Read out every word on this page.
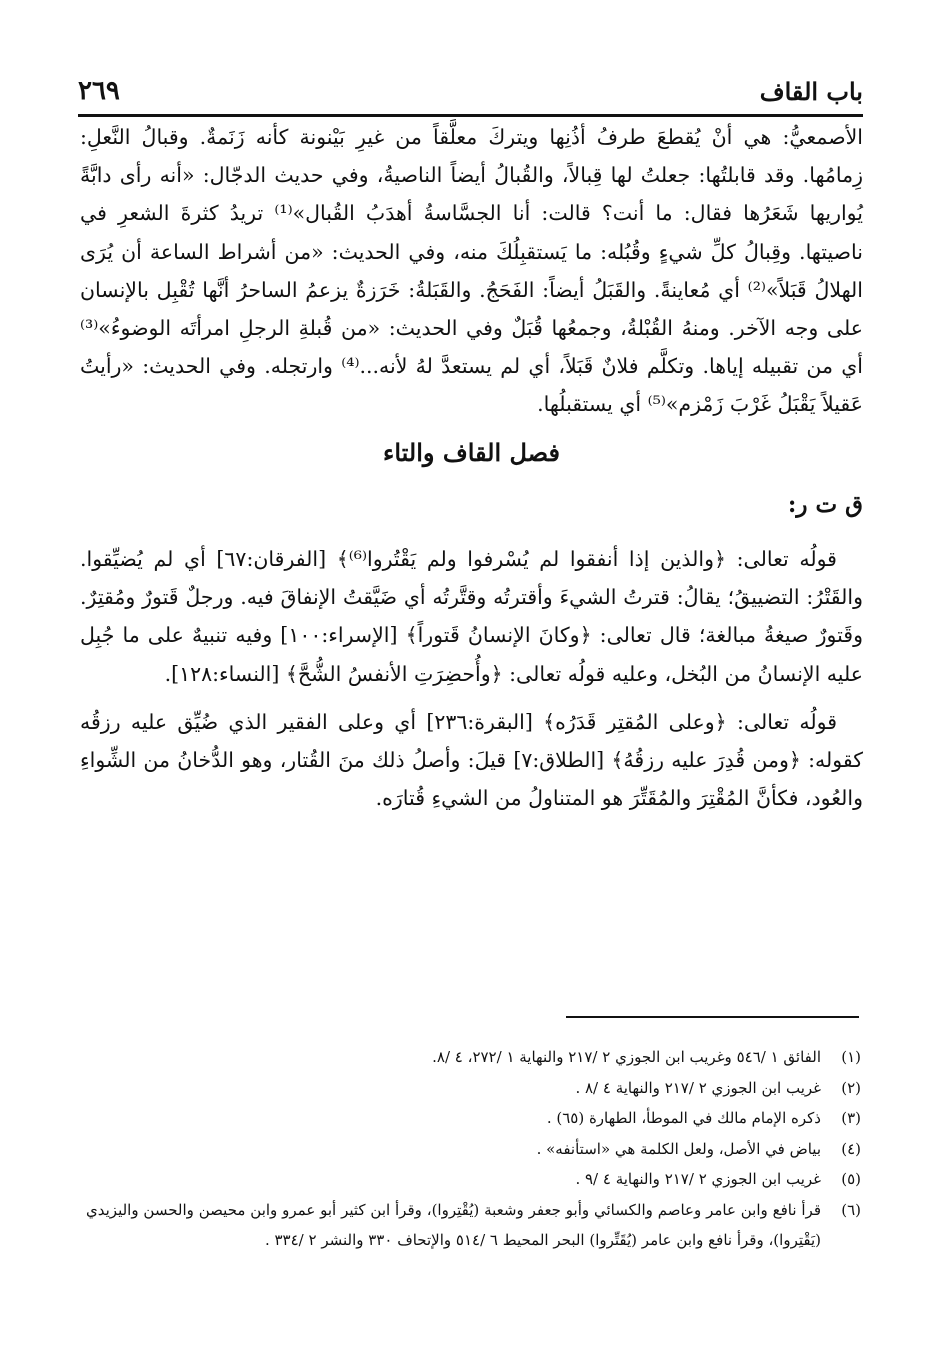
باب القاف
٢٦٩

الأصمعيُّ: هي أنْ يُقطعَ طرفُ أذُنِها ويتركَ معلَّقاً من غيرِ بَيْنونة كأنه زَنَمةٌ. وقبالُ النَّعلِ: زِمامُها. وقد قابلتُها: جعلتُ لها قِبالاً، والقُبالُ أيضاً الناصيةُ، وفي حديث الدجّال: «أنه رأى دابَّةً يُواريها شَعَرُها فقال: ما أنت؟ قالت: أنا الجسَّاسةُ أهدَبُ القُبال»⁽¹⁾ تريدُ كثرةَ الشعرِ في ناصيتها. وقِبالُ كلِّ شيءٍ وقُبُله: ما يَستقبِلُكَ منه، وفي الحديث: «من أشراط الساعة أن يُرَى الهلالُ قَبَلاً»⁽²⁾ أي مُعاينةً. والقَبَلُ أيضاً: الفَحَجُ. والقَبَلةُ: خَرَزةٌ يزعمُ الساحرُ أنَّها تُقْبِل بالإنسان على وجه الآخر. ومنهُ القُبْلةُ، وجمعُها قُبَلٌ وفي الحديث: «من قُبلةِ الرجلِ امرأتَه الوضوءُ»⁽³⁾ أي من تقبيله إياها. وتكلَّم فلانٌ قَبَلاً، أي لم يستعدَّ لهُ لأنه...⁽⁴⁾ وارتجله. وفي الحديث: «رأيتُ عَقيلاً يَقْبَلُ غَرْبَ زَمْزم»⁽⁵⁾ أي يستقبلُها.

فصل القاف والتاء

ق ت ر:

قولُه تعالى: ﴿والذين إذا أنفقوا لم يُسْرفوا ولم يَقْتُروا⁽⁶⁾﴾ [الفرقان:٦٧] أي لم يُضيِّقوا. والقَتْرُ: التضييقُ؛ يقالُ: قترتُ الشيءَ وأقترتُه وقتَّرتُه أي ضَيَّقتُ الإنفاقَ فيه. ورجلٌ قَتورٌ ومُقتِرٌ. وقَتورٌ صيغةُ مبالغة؛ قال تعالى: ﴿وكانَ الإنسانُ قَتوراً﴾ [الإسراء:١٠٠] وفيه تنبيهٌ على ما جُبِل عليه الإنسانُ من البُخل، وعليه قولُه تعالى: ﴿وأُحضِرَتِ الأنفسُ الشُّحَّ﴾ [النساء:١٢٨].

قولُه تعالى: ﴿وعلى المُقتِر قَدَرُه﴾ [البقرة:٢٣٦] أي وعلى الفقير الذي ضُيِّق عليه رزقُه كقوله: ﴿ومن قُدِرَ عليه رزقُهُ﴾ [الطلاق:٧] قيلَ: وأصلُ ذلك منَ القُتار، وهو الدُّخانُ من الشِّواءِ والعُود، فكأنَّ المُقْتِرَ والمُقَتِّرَ هو المتناولُ من الشيءِ قُتارَه.

(١)
الفائق ١ /٥٤٦ وغريب ابن الجوزي ٢ /٢١٧ والنهاية ١ /٢٧٢، ٤ /٨.

(٢)
غريب ابن الجوزي ٢ /٢١٧ والنهاية ٤ /٨ .

(٣)
ذكره الإمام مالك في الموطأ، الطهارة (٦٥) .

(٤)
بياض في الأصل، ولعل الكلمة هي «استأنفه» .

(٥)
غريب ابن الجوزي ٢ /٢١٧ والنهاية ٤ /٩ .

(٦)
قرأ نافع وابن عامر وعاصم والكسائي وأبو جعفر وشعبة (يُقْتِروا)، وقرأ ابن كثير أبو عمرو وابن محيصن والحسن واليزيدي (يَقْتِروا)، وقرأ نافع وابن عامر (يُقَتِّروا) البحر المحيط ٦ /٥١٤ والإتحاف ٣٣٠ والنشر ٢ /٣٣٤ .
